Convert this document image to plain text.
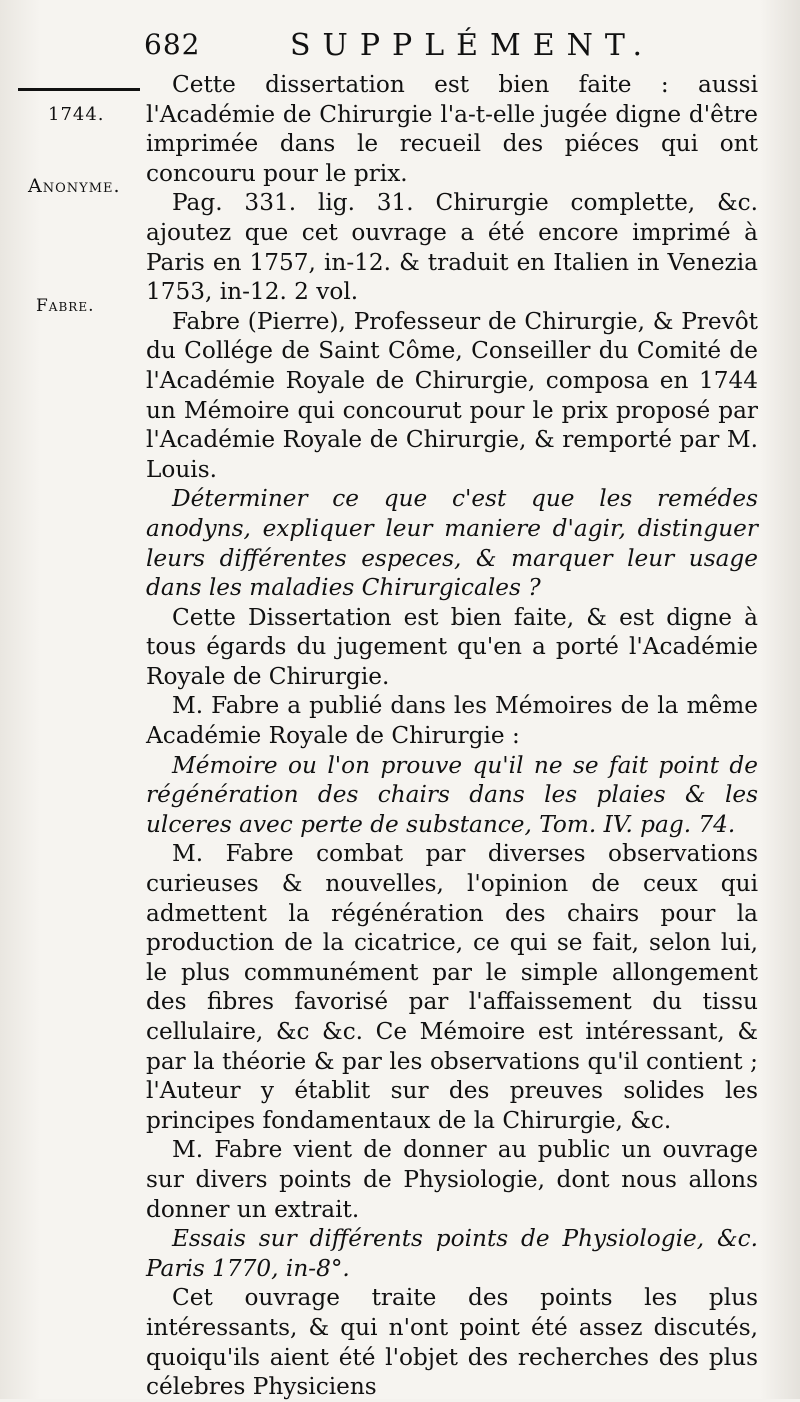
682	SUPPLÉMENT.
1744.
Anonyme.
Fabre.

Cette dissertation est bien faite : aussi l'Académie de Chirurgie l'a-t-elle jugée digne d'être imprimée dans le recueil des piéces qui ont concouru pour le prix.

Pag. 331. lig. 31. Chirurgie complette, &c. ajoutez que cet ouvrage a été encore imprimé à Paris en 1757, in-12. & traduit en Italien in Venezia 1753, in-12. 2 vol.

Fabre (Pierre), Professeur de Chirurgie, & Prevôt du Collége de Saint Côme, Conseiller du Comité de l'Académie Royale de Chirurgie, composa en 1744 un Mémoire qui concourut pour le prix proposé par l'Académie Royale de Chirurgie, & remporté par M. Louis.

Déterminer ce que c'est que les remédes anodyns, expliquer leur maniere d'agir, distinguer leurs différentes especes, & marquer leur usage dans les maladies Chirurgicales ?

Cette Dissertation est bien faite, & est digne à tous égards du jugement qu'en a porté l'Académie Royale de Chirurgie.

M. Fabre a publié dans les Mémoires de la même Académie Royale de Chirurgie :

Mémoire ou l'on prouve qu'il ne se fait point de régénération des chairs dans les plaies & les ulceres avec perte de substance, Tom. IV. pag. 74.

M. Fabre combat par diverses observations curieuses & nouvelles, l'opinion de ceux qui admettent la régénération des chairs pour la production de la cicatrice, ce qui se fait, selon lui, le plus communément par le simple allongement des fibres favorisé par l'affaissement du tissu cellulaire, &c &c. Ce Mémoire est intéressant, & par la théorie & par les observations qu'il contient ; l'Auteur y établit sur des preuves solides les principes fondamentaux de la Chirurgie, &c.

M. Fabre vient de donner au public un ouvrage sur divers points de Physiologie, dont nous allons donner un extrait.

Essais sur différents points de Physiologie, &c. Paris 1770, in-8°.

Cet ouvrage traite des points les plus intéressants, & qui n'ont point été assez discutés, quoiqu'ils aient été l'objet des recherches des plus célebres Physiciens
